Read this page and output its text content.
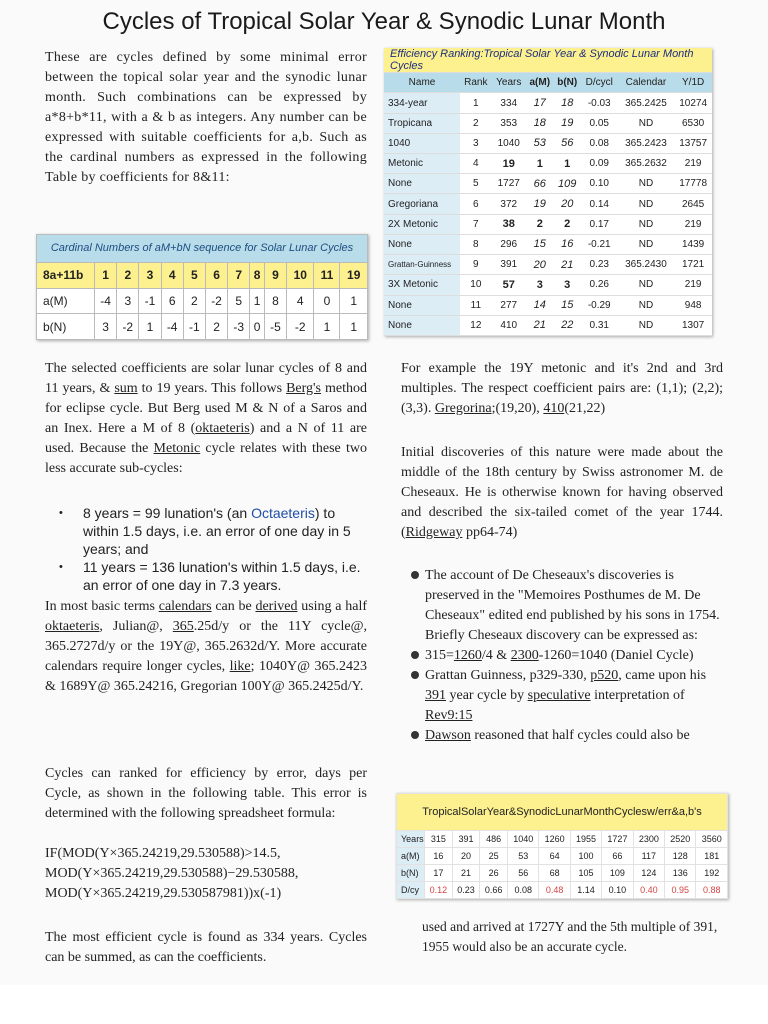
Cycles of Tropical Solar Year & Synodic Lunar Month

These are cycles defined by some minimal error between the topical solar year and the synodic lunar month. Such combinations can be expressed by a*8+b*11, with a & b as integers. Any number can be expressed with suitable coefficients for a,b. Such as the cardinal numbers as expressed in the following Table by coefficients for 8&11:

Cardinal Numbers of aM+bN sequence for Solar Lunar Cycles												
8a+11b	1	2	3	4	5	6	7	8	9	10	11	19
a(M)	-4	3	-1	6	2	-2	5	1	8	4	0	1
b(N)	3	-2	1	-4	-1	2	-3	0	-5	-2	1	1

The selected coefficients are solar lunar cycles of 8 and 11 years, & sum to 19 years. This follows Berg's method for eclipse cycle. But Berg used M & N of a Saros and an Inex. Here a M of 8 (oktaeteris) and a N of 11 are used. Because the Metonic cycle relates with these two less accurate sub-cycles:

• 8 years = 99 lunation's (an Octaeteris) to within 1.5 days, i.e. an error of one day in 5 years; and
• 11 years = 136 lunation's within 1.5 days, i.e. an error of one day in 7.3 years.

In most basic terms calendars can be derived using a half oktaeteris, Julian@, 365.25d/y or the 11Y cycle@, 365.2727d/y or the 19Y@, 365.2632d/Y. More accurate calendars require longer cycles, like; 1040Y@ 365.2423 & 1689Y@ 365.24216, Gregorian 100Y@ 365.2425d/Y.

Cycles can ranked for efficiency by error, days per Cycle, as shown in the following table. This error is determined with the following spreadsheet formula:

IF(MOD(Y×365.24219,29.530588)>14.5,
MOD(Y×365.24219,29.530588)−29.530588,
MOD(Y×365.24219,29.530587981))x(-1)

The most efficient cycle is found as 334 years. Cycles can be summed, as can the coefficients.

Efficiency Ranking:Tropical Solar Year & Synodic Lunar Month Cycles							
Name	Rank	Years	a(M)	b(N)	D/cycl	Calendar	Y/1D
334-year	1	334	17	18	-0.03	365.2425	10274
Tropicana	2	353	18	19	0.05	ND	6530
1040	3	1040	53	56	0.08	365.2423	13757
Metonic	4	19	1	1	0.09	365.2632	219
None	5	1727	66	109	0.10	ND	17778
Gregoriana	6	372	19	20	0.14	ND	2645
2X Metonic	7	38	2	2	0.17	ND	219
None	8	296	15	16	-0.21	ND	1439
Grattan-Guinness	9	391	20	21	0.23	365.2430	1721
3X Metonic	10	57	3	3	0.26	ND	219
None	11	277	14	15	-0.29	ND	948
None	12	410	21	22	0.31	ND	1307

For example the 19Y metonic and it's 2nd and 3rd multiples. The respect coefficient pairs are: (1,1); (2,2); (3,3). Gregorina;(19,20), 410(21,22)

Initial discoveries of this nature were made about the middle of the 18th century by Swiss astronomer M. de Cheseaux. He is otherwise known for having observed and described the six-tailed comet of the year 1744. (Ridgeway pp64-74)

The account of De Cheseaux's discoveries is preserved in the "Memoires Posthumes de M. De Cheseaux" edited end published by his sons in 1754. Briefly Cheseaux discovery can be expressed as:
315=1260/4 & 2300-1260=1040 (Daniel Cycle)
Grattan Guinness, p329-330, p520, came upon his 391 year cycle by speculative interpretation of Rev9:15
Dawson reasoned that half cycles could also be
TropicalSolarYear&SynodicLunarMonthCyclesw/err&a,b's										
Years	315	391	486	1040	1260	1955	1727	2300	2520	3560
a(M)	16	20	25	53	64	100	66	117	128	181
b(N)	17	21	26	56	68	105	109	124	136	192
D/cy	0.12	0.23	0.66	0.08	0.48	1.14	0.10	0.40	0.95	0.88

used and arrived at 1727Y and the 5th multiple of 391, 1955 would also be an accurate cycle.
